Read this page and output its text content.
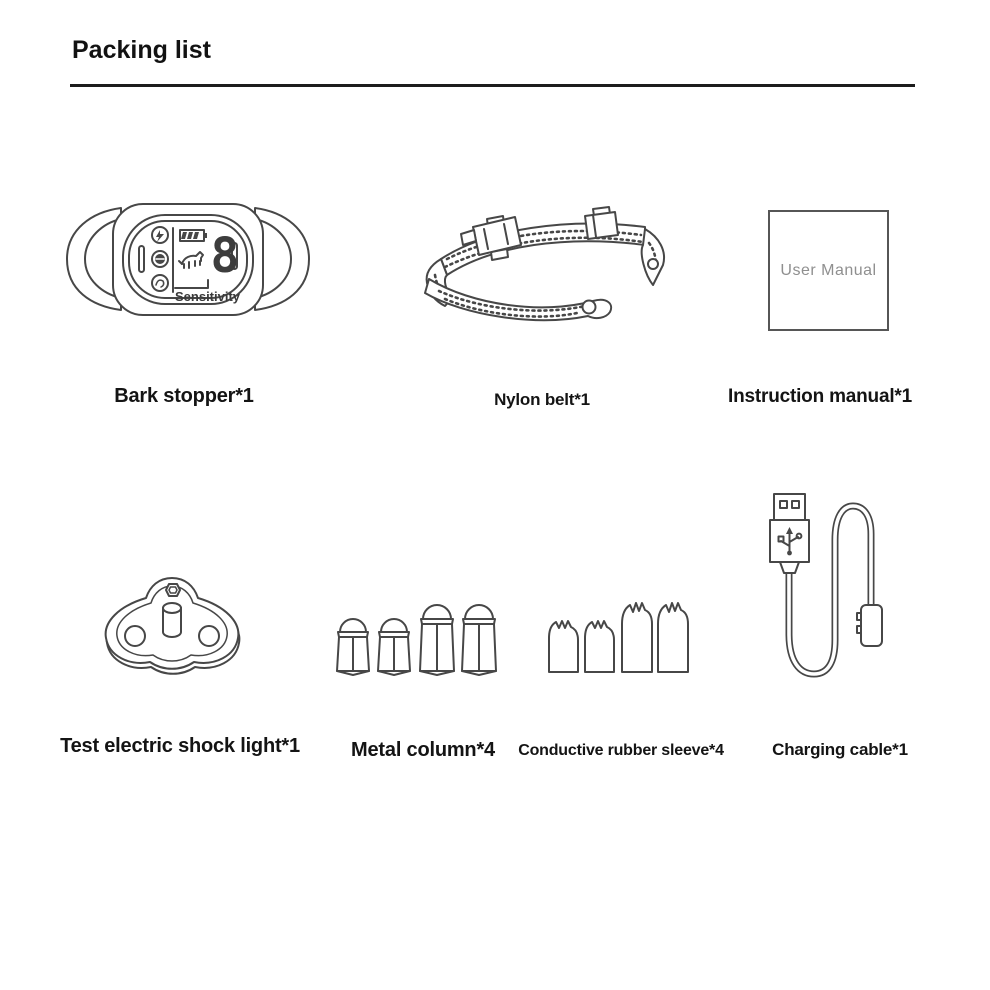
Packing list
8
Sensitivity
Bark stopper*1	Nylon belt*1
User Manual
Instruction manual*1
Test electric shock light*1	Metal column*4	Conductive rubber sleeve*4	Charging cable*1
